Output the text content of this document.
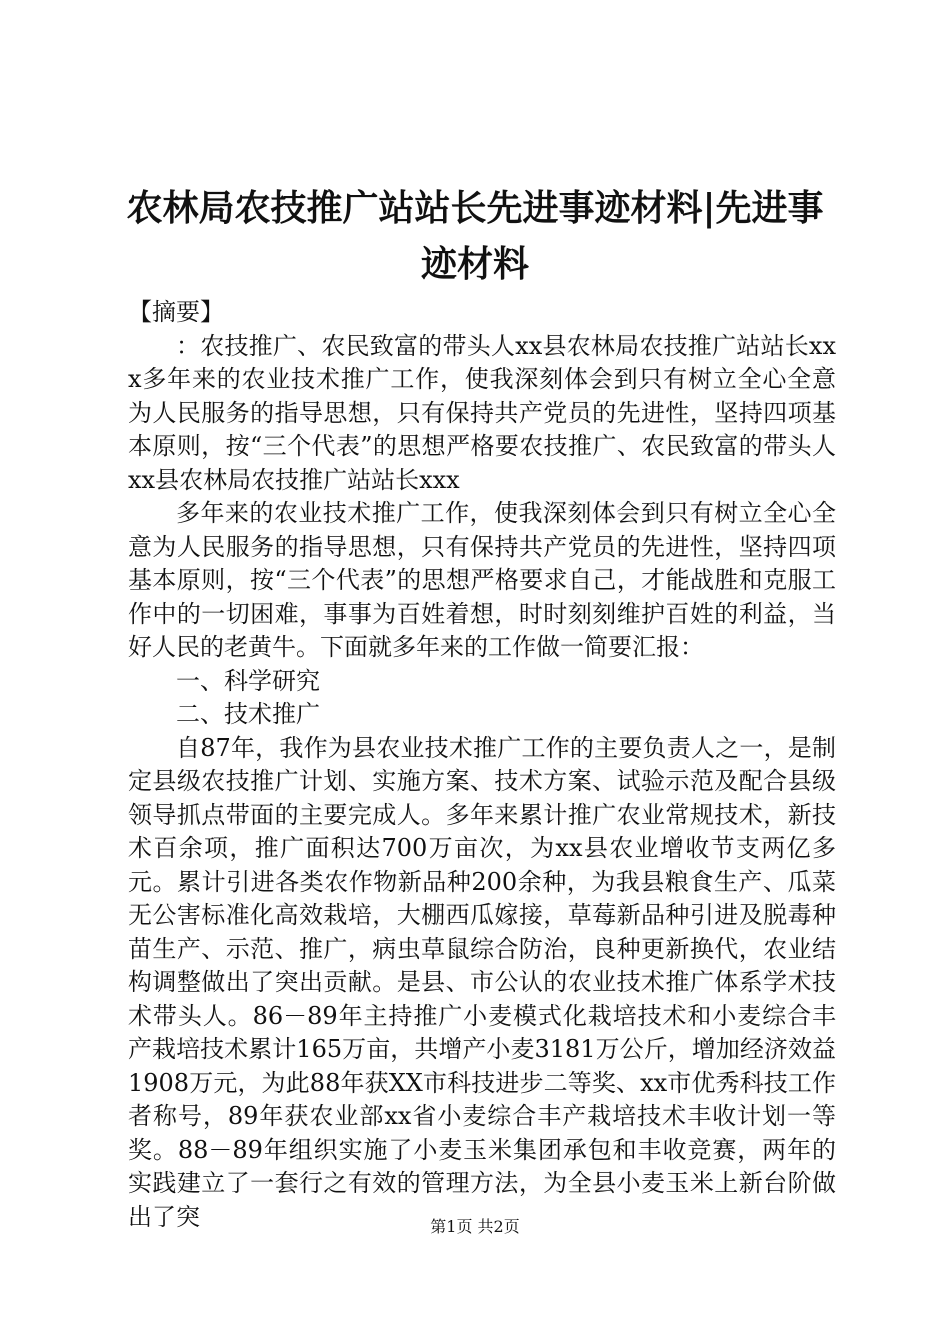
农林局农技推广站站长先进事迹材料|先进事迹材料

【摘要】

：农技推广、农民致富的带头人xx县农林局农技推广站站长xxx多年来的农业技术推广工作，使我深刻体会到只有树立全心全意为人民服务的指导思想，只有保持共产党员的先进性，坚持四项基本原则，按“三个代表”的思想严格要农技推广、农民致富的带头人xx县农林局农技推广站站长xxx

多年来的农业技术推广工作，使我深刻体会到只有树立全心全意为人民服务的指导思想，只有保持共产党员的先进性，坚持四项基本原则，按“三个代表”的思想严格要求自己，才能战胜和克服工作中的一切困难，事事为百姓着想，时时刻刻维护百姓的利益，当好人民的老黄牛。下面就多年来的工作做一简要汇报：

一、科学研究

二、技术推广

自87年，我作为县农业技术推广工作的主要负责人之一，是制定县级农技推广计划、实施方案、技术方案、试验示范及配合县级领导抓点带面的主要完成人。多年来累计推广农业常规技术，新技术百余项，推广面积达700万亩次，为xx县农业增收节支两亿多元。累计引进各类农作物新品种200余种，为我县粮食生产、瓜菜无公害标准化高效栽培，大棚西瓜嫁接，草莓新品种引进及脱毒种苗生产、示范、推广，病虫草鼠综合防治，良种更新换代，农业结构调整做出了突出贡献。是县、市公认的农业技术推广体系学术技术带头人。86－89年主持推广小麦模式化栽培技术和小麦综合丰产栽培技术累计165万亩，共增产小麦3181万公斤，增加经济效益1908万元，为此88年获XX市科技进步二等奖、xx市优秀科技工作者称号，89年获农业部xx省小麦综合丰产栽培技术丰收计划一等奖。88－89年组织实施了小麦玉米集团承包和丰收竞赛，两年的实践建立了一套行之有效的管理方法，为全县小麦玉米上新台阶做出了突	第1页 共2页
